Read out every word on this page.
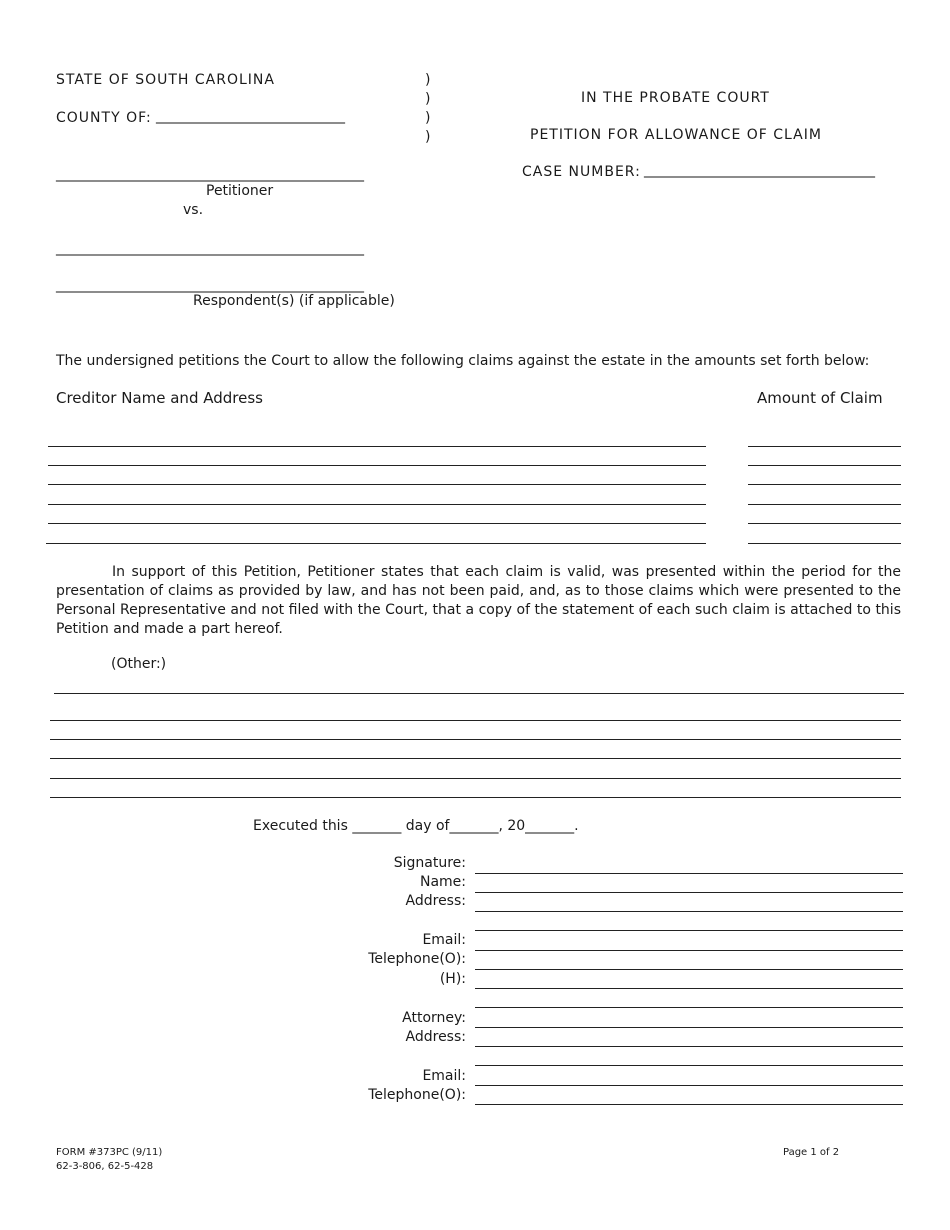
STATE OF SOUTH CAROLINA
COUNTY OF: ___________________________
)
)
)
)
IN THE PROBATE COURT
PETITION FOR ALLOWANCE OF CLAIM
CASE NUMBER: _________________________________
____________________________________________
Petitioner
vs.
____________________________________________
____________________________________________
Respondent(s) (if applicable)
The undersigned petitions the Court to allow the following claims against the estate in the amounts set forth below:
Creditor Name and Address	Amount of Claim
In support of this Petition, Petitioner states that each claim is valid, was presented within the period for the presentation of claims as provided by law, and has not been paid, and, as to those claims which were presented to the Personal Representative and not filed with the Court, that a copy of the statement of each such claim is attached to this Petition and made a part hereof.
(Other:)
Executed this _______ day of_______, 20_______.
Signature:
Name:
Address:
Email:
Telephone(O):
(H):
Attorney:
Address:
Email:
Telephone(O):
FORM #373PC (9/11)
62-3-806, 62-5-428
Page 1 of 2
